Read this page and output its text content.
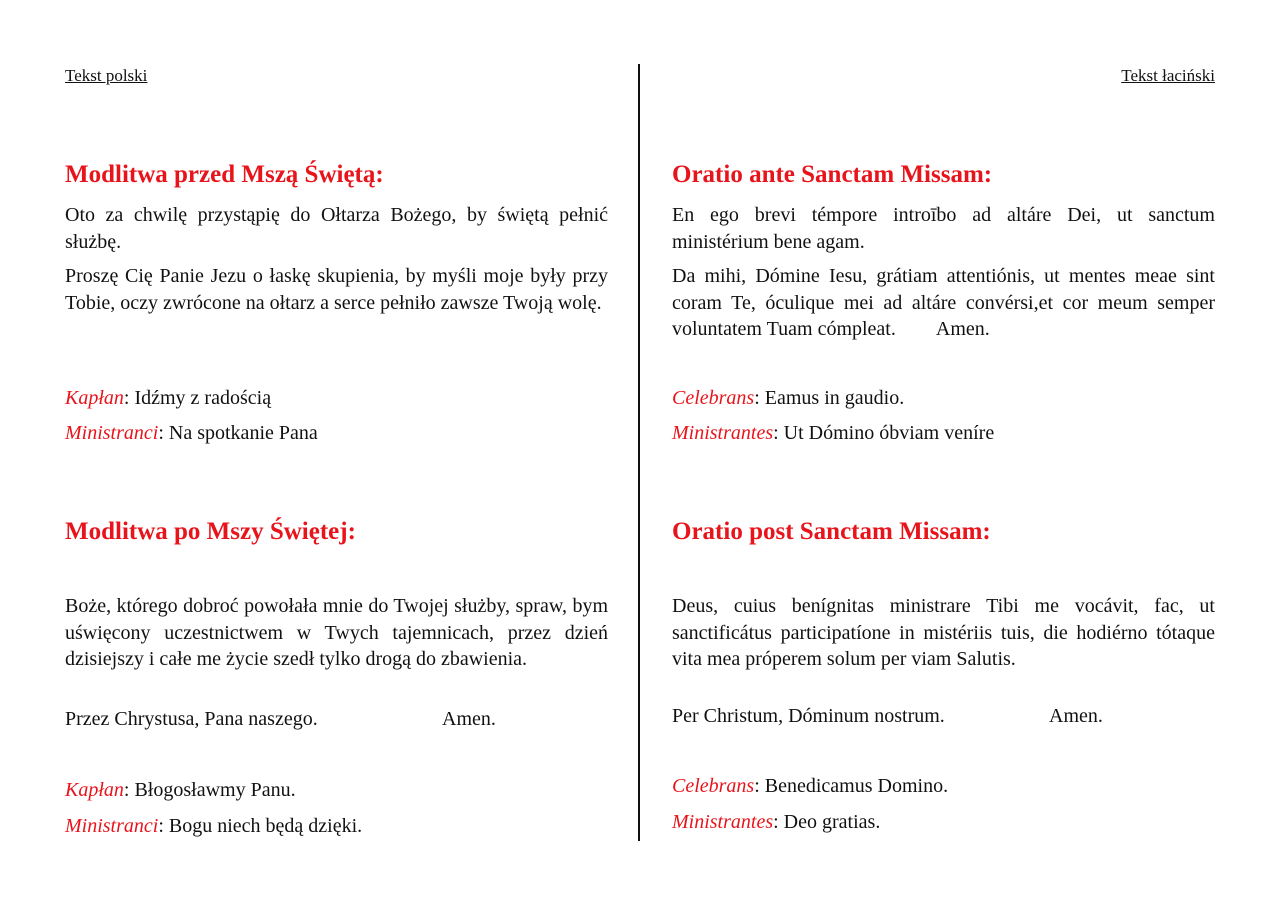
Tekst polski
Modlitwa przed Mszą Świętą:

Oto za chwilę przystąpię do Ołtarza Bożego, by świętą pełnić służbę.

Proszę Cię Panie Jezu o łaskę skupienia, by myśli moje były przy Tobie, oczy zwrócone na ołtarz a serce pełniło zawsze Twoją wolę.

Kapłan: Idźmy z radością

Ministranci: Na spotkanie Pana

Modlitwa po Mszy Świętej:

Boże, którego dobroć powołała mnie do Twojej służby, spraw, bym uświęcony uczestnictwem w Twych tajemnicach, przez dzień dzisiejszy i całe me życie szedł tylko drogą do zbawienia.

Przez Chrystusa, Pana naszego.	Amen.

Kapłan: Błogosławmy Panu.

Ministranci: Bogu niech będą dzięki.

Tekst łaciński
Oratio ante Sanctam Missam:

En ego brevi témpore introībo ad altáre Dei, ut sanctum ministérium bene agam.

Da mihi, Dómine Iesu, grátiam attentiónis, ut mentes meae sint coram Te, óculique mei ad altáre convérsi,et cor meum semper voluntatem Tuam cómpleat. Amen.

Celebrans: Eamus in gaudio.

Ministrantes: Ut Dómino óbviam veníre

Oratio post Sanctam Missam:

Deus, cuius benígnitas ministrare Tibi me vocávit, fac, ut sanctificátus participatíone in mistériis tuis, die hodiérno tótaque vita mea próperem solum per viam Salutis.

Per Christum, Dóminum nostrum.	Amen.

Celebrans: Benedicamus Domino.

Ministrantes: Deo gratias.
